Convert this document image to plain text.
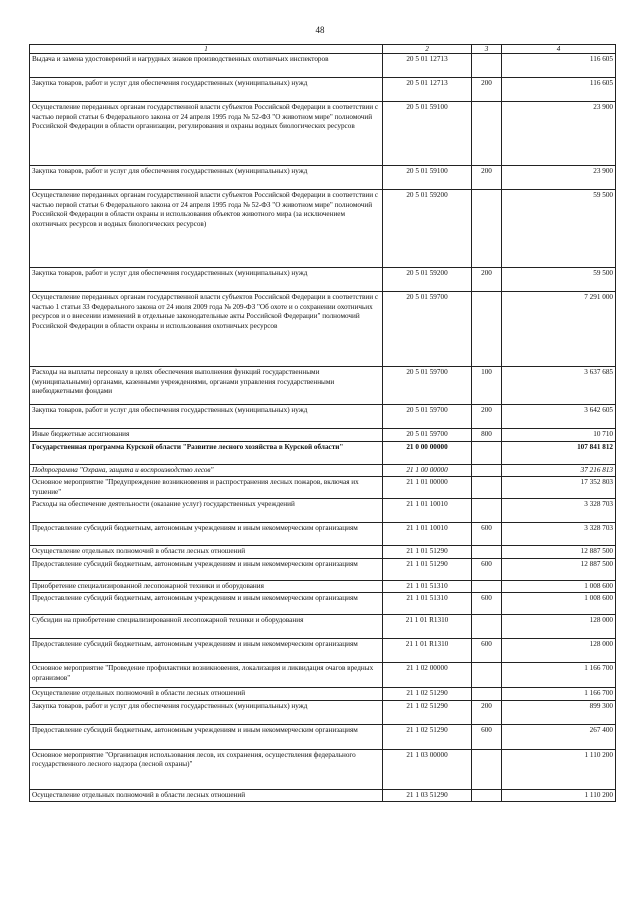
48
1	2	3	4
Выдача и замена удостоверений и нагрудных знаков производственных охотничьих инспекторов	20 5 01 12713		116 605
Закупка товаров, работ и услуг для обеспечения государственных (муниципальных) нужд	20 5 01 12713	200	116 605
Осуществление переданных органам государственной власти субъектов Российской Федерации в соответствии с частью первой статьи 6 Федерального закона от 24 апреля 1995 года № 52-ФЗ "О животном мире" полномочий Российской Федерации в области организации, регулирования и охраны водных биологических ресурсов	20 5 01 59100		23 900
Закупка товаров, работ и услуг для обеспечения государственных (муниципальных) нужд	20 5 01 59100	200	23 900
Осуществление переданных органам государственной власти субъектов Российской Федерации в соответствии с частью первой статьи 6 Федерального закона от 24 апреля 1995 года № 52-ФЗ "О животном мире" полномочий Российской Федерации в области охраны и использования объектов животного мира (за исключением охотничьих ресурсов и водных биологических ресурсов)	20 5 01 59200		59 500
Закупка товаров, работ и услуг для обеспечения государственных (муниципальных) нужд	20 5 01 59200	200	59 500
Осуществление переданных органам государственной власти субъектов Российской Федерации в соответствии с частью 1 статьи 33 Федерального закона от 24 июля 2009 года № 209-ФЗ "Об охоте и о сохранении охотничьих ресурсов и о внесении изменений в отдельные законодательные акты Российской Федерации" полномочий Российской Федерации в области охраны и использования охотничьих ресурсов	20 5 01 59700		7 291 000
Расходы на выплаты персоналу в целях обеспечения выполнения функций государственными (муниципальными) органами, казенными учреждениями, органами управления государственными внебюджетными фондами	20 5 01 59700	100	3 637 685
Закупка товаров, работ и услуг для обеспечения государственных (муниципальных) нужд	20 5 01 59700	200	3 642 605
Иные бюджетные ассигнования	20 5 01 59700	800	10 710
Государственная программа Курской области "Развитие лесного хозяйства в Курской области"	21 0 00 00000		107 841 812
Подпрограмма "Охрана, защита и воспроизводство лесов"	21 1 00 00000		37 216 813
Основное мероприятие "Предупреждение возникновения и распространения лесных пожаров, включая их тушение"	21 1 01 00000		17 352 803
Расходы на обеспечение деятельности (оказание услуг) государственных учреждений	21 1 01 10010		3 328 703
Предоставление субсидий бюджетным, автономным учреждениям и иным некоммерческим организациям	21 1 01 10010	600	3 328 703
Осуществление отдельных полномочий в области лесных отношений	21 1 01 51290		12 887 500
Предоставление субсидий бюджетным, автономным учреждениям и иным некоммерческим организациям	21 1 01 51290	600	12 887 500
Приобретение специализированной лесопожарной техники и оборудования	21 1 01 51310		1 008 600
Предоставление субсидий бюджетным, автономным учреждениям и иным некоммерческим организациям	21 1 01 51310	600	1 008 600
Субсидии на приобретение специализированной лесопожарной техники и оборудования	21 1 01 R1310		128 000
Предоставление субсидий бюджетным, автономным учреждениям и иным некоммерческим организациям	21 1 01 R1310	600	128 000
Основное мероприятие "Проведение профилактики возникновения, локализация и ликвидация очагов вредных организмов"	21 1 02 00000		1 166 700
Осуществление отдельных полномочий в области лесных отношений	21 1 02 51290		1 166 700
Закупка товаров, работ и услуг для обеспечения государственных (муниципальных) нужд	21 1 02 51290	200	899 300
Предоставление субсидий бюджетным, автономным учреждениям и иным некоммерческим организациям	21 1 02 51290	600	267 400
Основное мероприятие "Организация использования лесов, их сохранения, осуществления федерального государственного лесного надзора (лесной охраны)"	21 1 03 00000		1 110 200
Осуществление отдельных полномочий в области лесных отношений	21 1 03 51290		1 110 200
